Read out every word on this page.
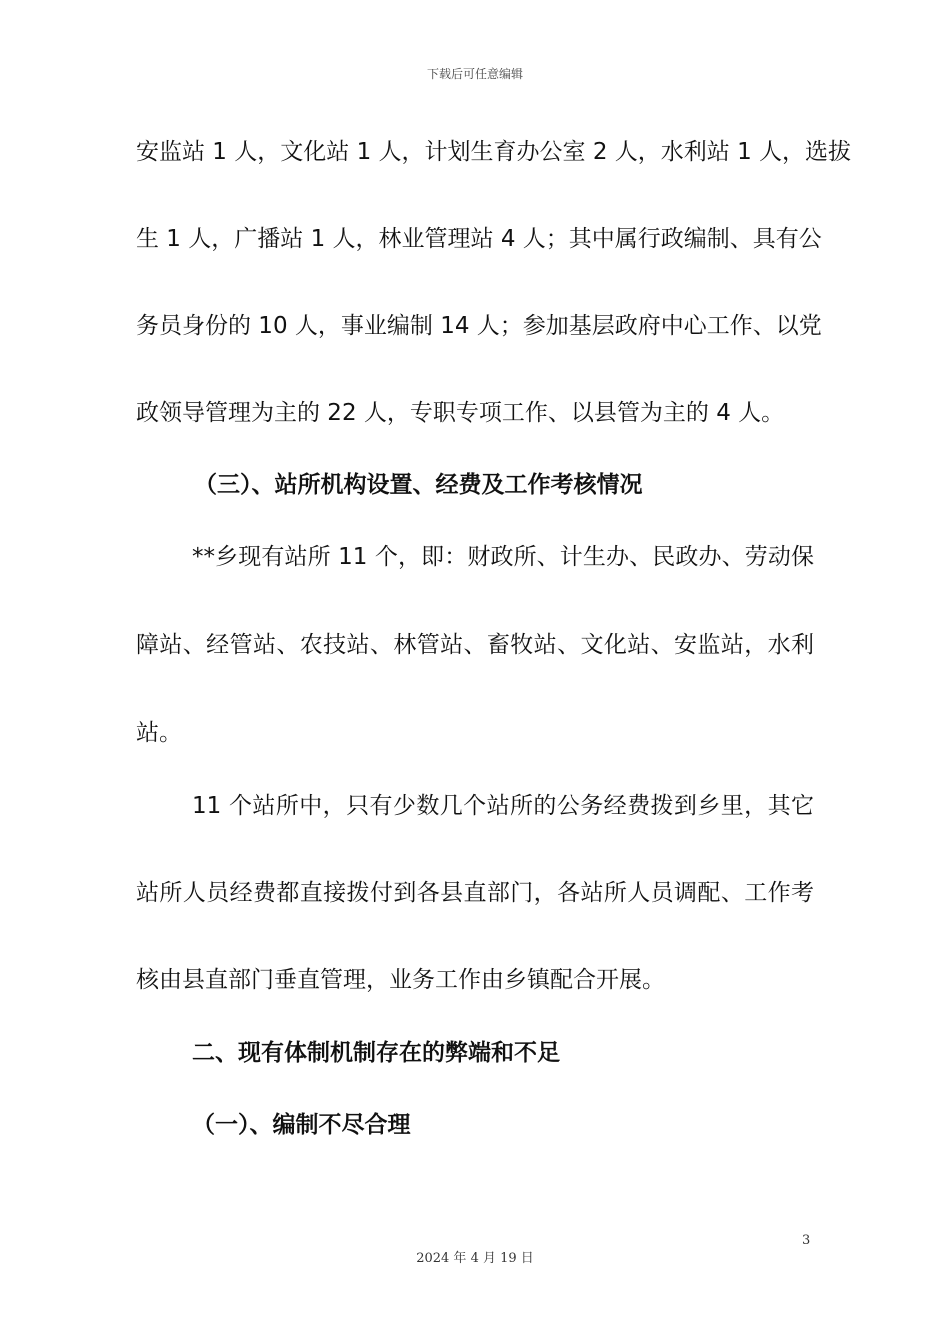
下载后可任意编辑
安监站 1 人，文化站 1 人，计划生育办公室 2 人，水利站 1 人，选拔
生 1 人，广播站 1 人，林业管理站 4 人；其中属行政编制、具有公
务员身份的 10 人，事业编制 14 人；参加基层政府中心工作、以党
政领导管理为主的 22 人，专职专项工作、以县管为主的 4 人。
（三）、站所机构设置、经费及工作考核情况
**乡现有站所 11 个，即：财政所、计生办、民政办、劳动保
障站、经管站、农技站、林管站、畜牧站、文化站、安监站，水利
站。
11 个站所中，只有少数几个站所的公务经费拨到乡里，其它
站所人员经费都直接拨付到各县直部门，各站所人员调配、工作考
核由县直部门垂直管理，业务工作由乡镇配合开展。
二、现有体制机制存在的弊端和不足
（一）、编制不尽合理
3
2024 年 4 月 19 日
